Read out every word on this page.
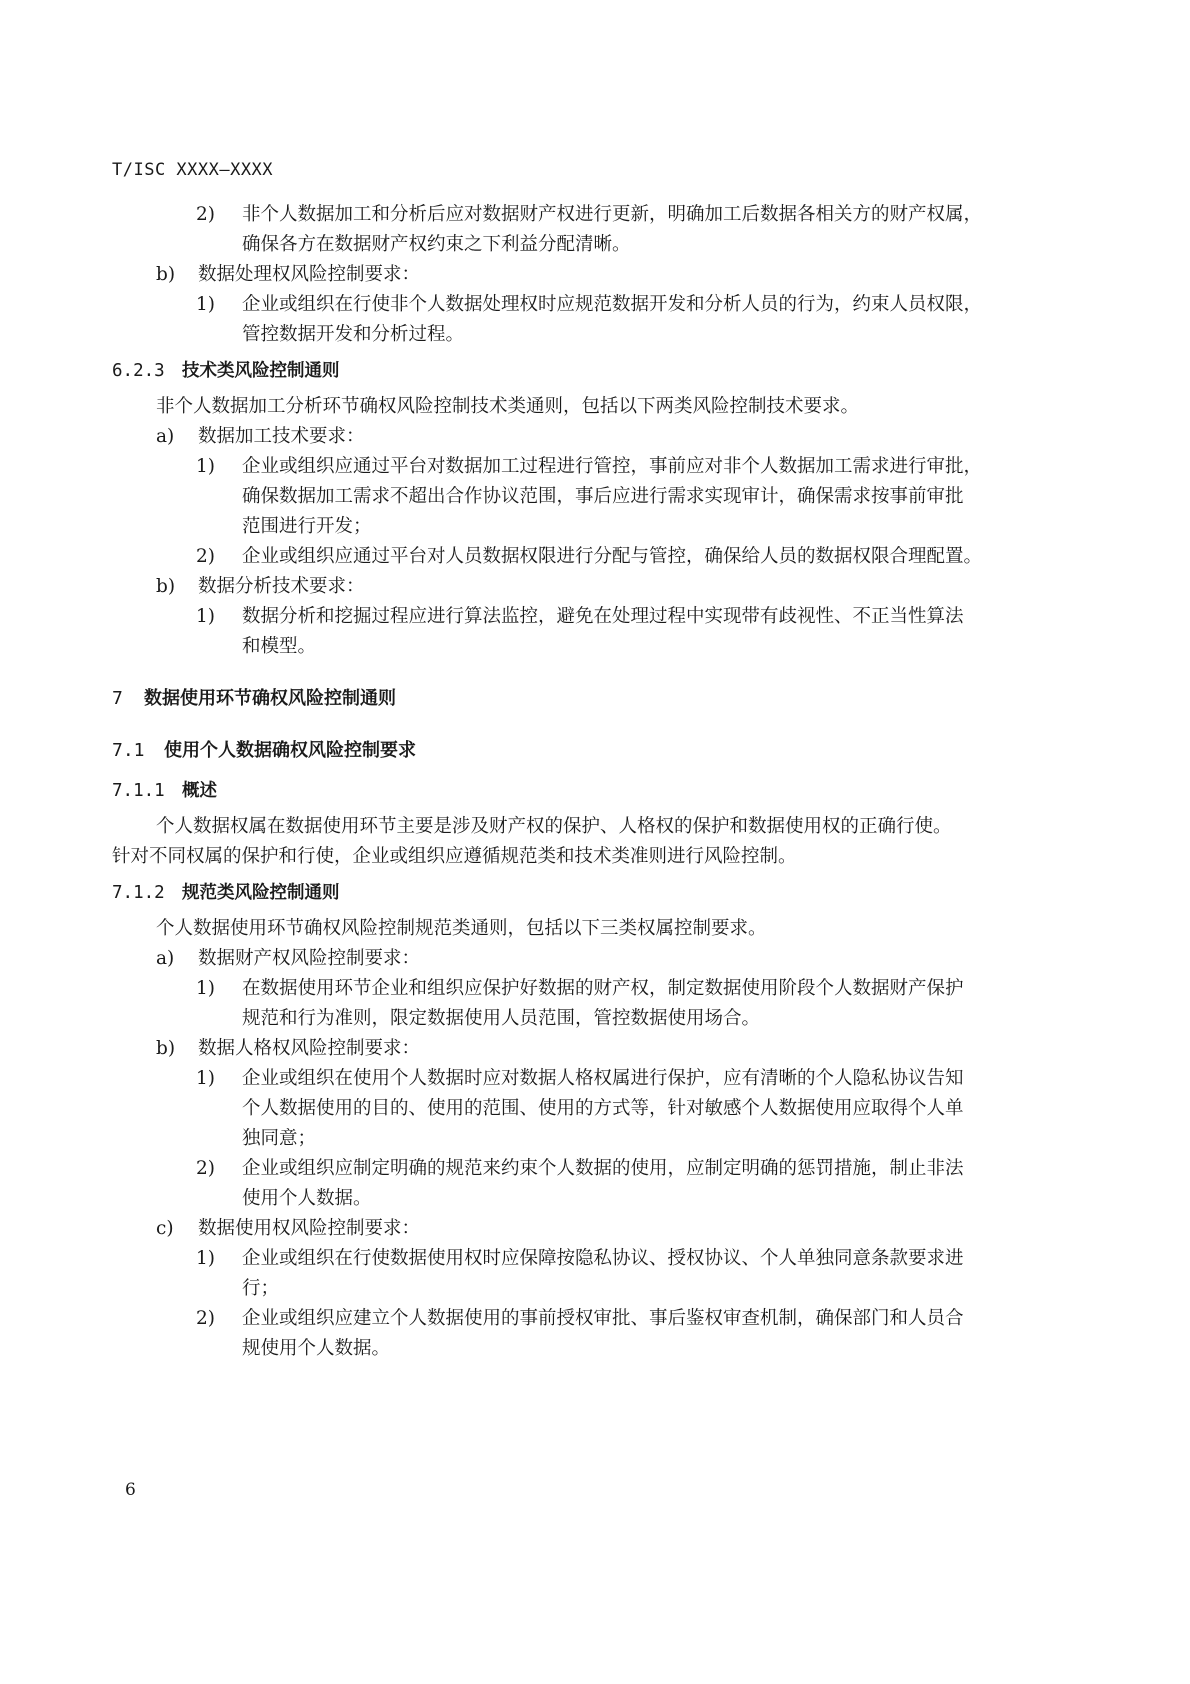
T/ISC XXXX—XXXX
2) 非个人数据加工和分析后应对数据财产权进行更新，明确加工后数据各相关方的财产权属，
确保各方在数据财产权约束之下利益分配清晰。
b) 数据处理权风险控制要求：
1) 企业或组织在行使非个人数据处理权时应规范数据开发和分析人员的行为，约束人员权限，
管控数据开发和分析过程。
6.2.3 技术类风险控制通则
非个人数据加工分析环节确权风险控制技术类通则，包括以下两类风险控制技术要求。
a) 数据加工技术要求：
1) 企业或组织应通过平台对数据加工过程进行管控，事前应对非个人数据加工需求进行审批，
确保数据加工需求不超出合作协议范围，事后应进行需求实现审计，确保需求按事前审批
范围进行开发；
2) 企业或组织应通过平台对人员数据权限进行分配与管控，确保给人员的数据权限合理配置。
b) 数据分析技术要求：
1) 数据分析和挖掘过程应进行算法监控，避免在处理过程中实现带有歧视性、不正当性算法
和模型。
7 数据使用环节确权风险控制通则
7.1 使用个人数据确权风险控制要求
7.1.1 概述
个人数据权属在数据使用环节主要是涉及财产权的保护、人格权的保护和数据使用权的正确行使。
针对不同权属的保护和行使，企业或组织应遵循规范类和技术类准则进行风险控制。
7.1.2 规范类风险控制通则
个人数据使用环节确权风险控制规范类通则，包括以下三类权属控制要求。
a) 数据财产权风险控制要求：
1) 在数据使用环节企业和组织应保护好数据的财产权，制定数据使用阶段个人数据财产保护
规范和行为准则，限定数据使用人员范围，管控数据使用场合。
b) 数据人格权风险控制要求：
1) 企业或组织在使用个人数据时应对数据人格权属进行保护，应有清晰的个人隐私协议告知
个人数据使用的目的、使用的范围、使用的方式等，针对敏感个人数据使用应取得个人单
独同意；
2) 企业或组织应制定明确的规范来约束个人数据的使用，应制定明确的惩罚措施，制止非法
使用个人数据。
c) 数据使用权风险控制要求：
1) 企业或组织在行使数据使用权时应保障按隐私协议、授权协议、个人单独同意条款要求进
行；
2) 企业或组织应建立个人数据使用的事前授权审批、事后鉴权审查机制，确保部门和人员合
规使用个人数据。
6
